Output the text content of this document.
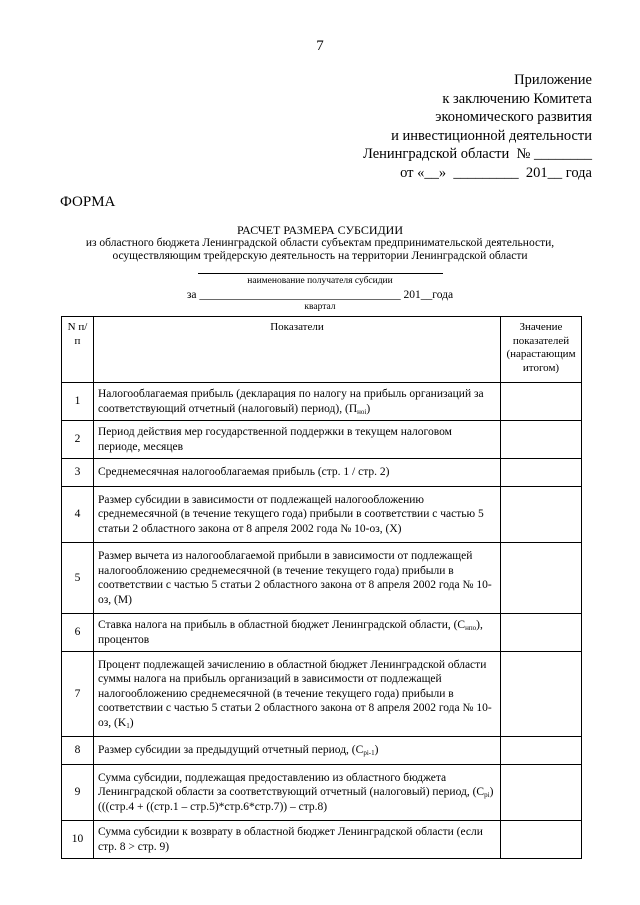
7
Приложение
к заключению Комитета
экономического развития
и инвестиционной деятельности
Ленинградской области  № ________
от «__»  _________  201__ года
ФОРМА
РАСЧЕТ РАЗМЕРА СУБСИДИИ
из областного бюджета Ленинградской области субъектам предпринимательской деятельности,
осуществляющим трейдерскую деятельность на территории Ленинградской области
наименование получателя субсидии
за ___________________________________ 201__года
квартал
N п/п	Показатели	Значение показателей (нарастающим итогом)
1	Налогооблагаемая прибыль (декларация по налогу на прибыль организаций за соответствующий отчетный (налоговый) период), $(П_{нoi})$	
2	Период действия мер государственной поддержки в текущем налоговом периоде, месяцев	
3	Среднемесячная налогооблагаемая прибыль (стр. 1 / стр. 2)	
4	Размер субсидии в зависимости от подлежащей налогообложению среднемесячной (в течение текущего года) прибыли в соответствии с частью 5 статьи 2 областного закона от 8 апреля 2002 года № 10-оз, (Х)	
5	Размер вычета из налогооблагаемой прибыли в зависимости от подлежащей налогообложению среднемесячной (в течение текущего года) прибыли в соответствии с частью 5 статьи 2 областного закона от 8 апреля 2002 года № 10-оз, (М)	
6	Ставка налога на прибыль в областной бюджет Ленинградской области, $(С_{нпо})$, процентов	
7	Процент подлежащей зачислению в областной бюджет Ленинградской области суммы налога на прибыль организаций в зависимости от подлежащей налогообложению среднемесячной (в течение текущего года) прибыли в соответствии с частью 5 статьи 2 областного закона от 8 апреля 2002 года № 10-оз, $(K_1)$	
8	Размер субсидии за предыдущий отчетный период, $(С_{pi-1})$	
9	Сумма субсидии, подлежащая предоставлению из областного бюджета Ленинградской области за соответствующий отчетный (налоговый) период, $(С_{pi}) (((стр.4 + ((стр.1 - стр.5)*стр.6*стр.7)) - стр.8)$	
10	Сумма субсидии к возврату в областной бюджет Ленинградской области (если стр. 8 > стр. 9)	
